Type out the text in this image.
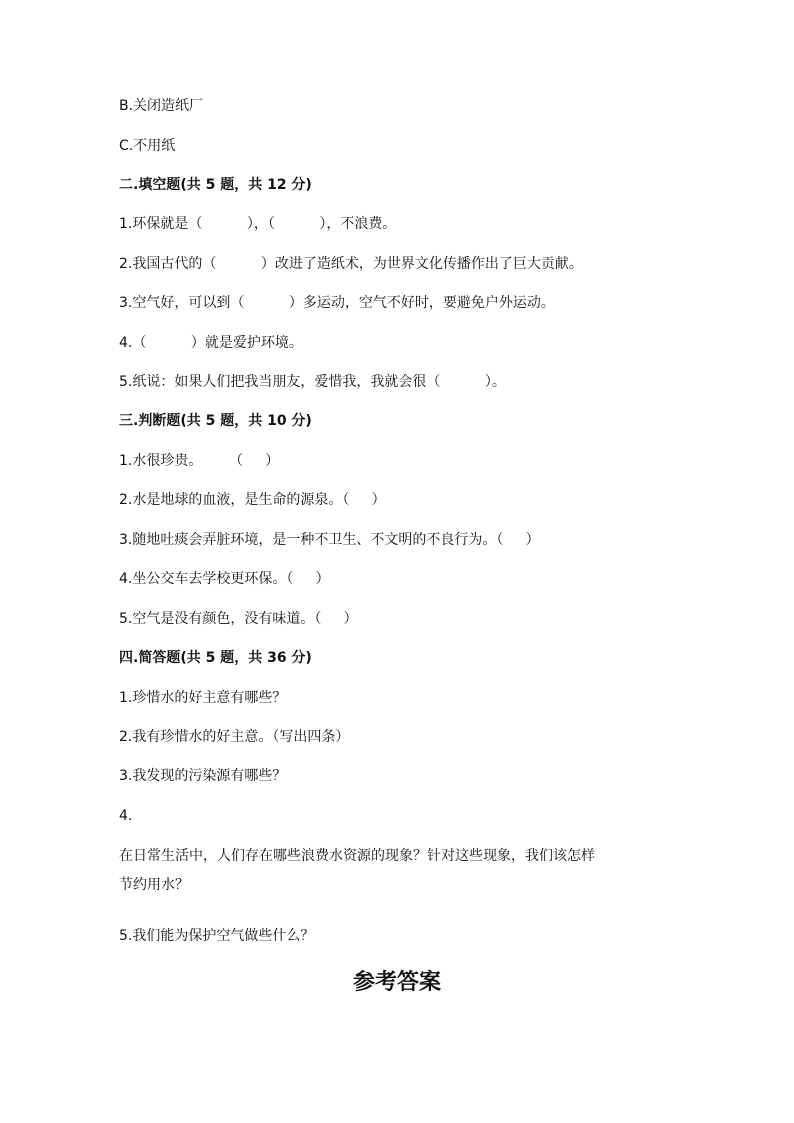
B.关闭造纸厂
C.不用纸
二.填空题(共 5 题，共 12 分)
1.环保就是（          ），（          ），不浪费。
2.我国古代的（          ）改进了造纸术，为世界文化传播作出了巨大贡献。
3.空气好，可以到（          ）多运动，空气不好时，要避免户外运动。
4.（          ）就是爱护环境。
5.纸说：如果人们把我当朋友，爱惜我，我就会很（          ）。
三.判断题(共 5 题，共 10 分)
1.水很珍贵。      （     ）
2.水是地球的血液，是生命的源泉。（     ）
3.随地吐痰会弄脏环境，是一种不卫生、不文明的不良行为。（     ）
4.坐公交车去学校更环保。（     ）
5.空气是没有颜色，没有味道。（     ）
四.简答题(共 5 题，共 36 分)
1.珍惜水的好主意有哪些？
2.我有珍惜水的好主意。（写出四条）
3.我发现的污染源有哪些？
4.
在日常生活中，人们存在哪些浪费水资源的现象？针对这些现象，我们该怎样
节约用水？
5.我们能为保护空气做些什么？
参考答案
